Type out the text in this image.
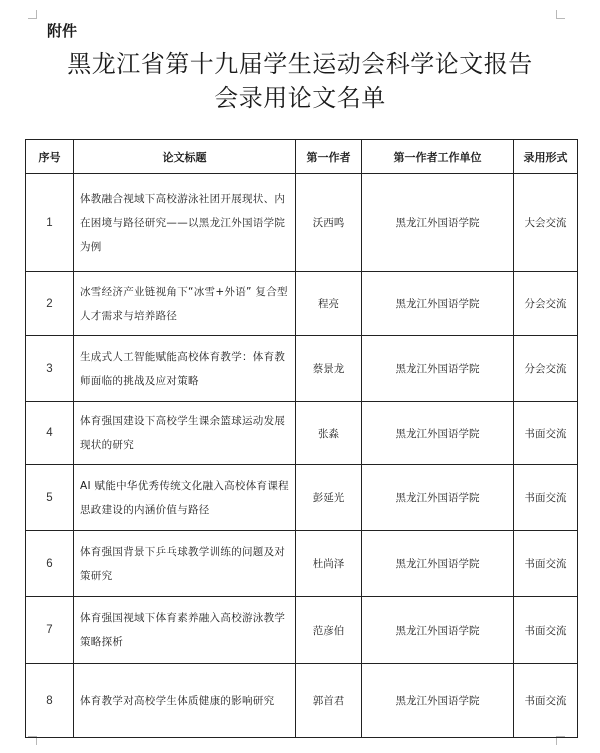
附件
黑龙江省第十九届学生运动会科学论文报告
会录用论文名单
序号	论文标题	第一作者	第一作者工作单位	录用形式
1	体教融合视域下高校游泳社团开展现状、内在困境与路径研究——以黑龙江外国语学院为例	沃西鸣	黑龙江外国语学院	大会交流
2	冰雪经济产业链视角下“冰雪+外语” 复合型人才需求与培养路径	程亮	黑龙江外国语学院	分会交流
3	生成式人工智能赋能高校体育教学：体育教师面临的挑战及应对策略	蔡景龙	黑龙江外国语学院	分会交流
4	体育强国建设下高校学生课余篮球运动发展现状的研究	张淼	黑龙江外国语学院	书面交流
5	AI 赋能中华优秀传统文化融入高校体育课程思政建设的内涵价值与路径	彭延光	黑龙江外国语学院	书面交流
6	体育强国背景下乒乓球教学训练的问题及对策研究	杜尚泽	黑龙江外国语学院	书面交流
7	体育强国视域下体育素养融入高校游泳教学策略探析	范彦伯	黑龙江外国语学院	书面交流
8	体育教学对高校学生体质健康的影响研究	郭首君	黑龙江外国语学院	书面交流
